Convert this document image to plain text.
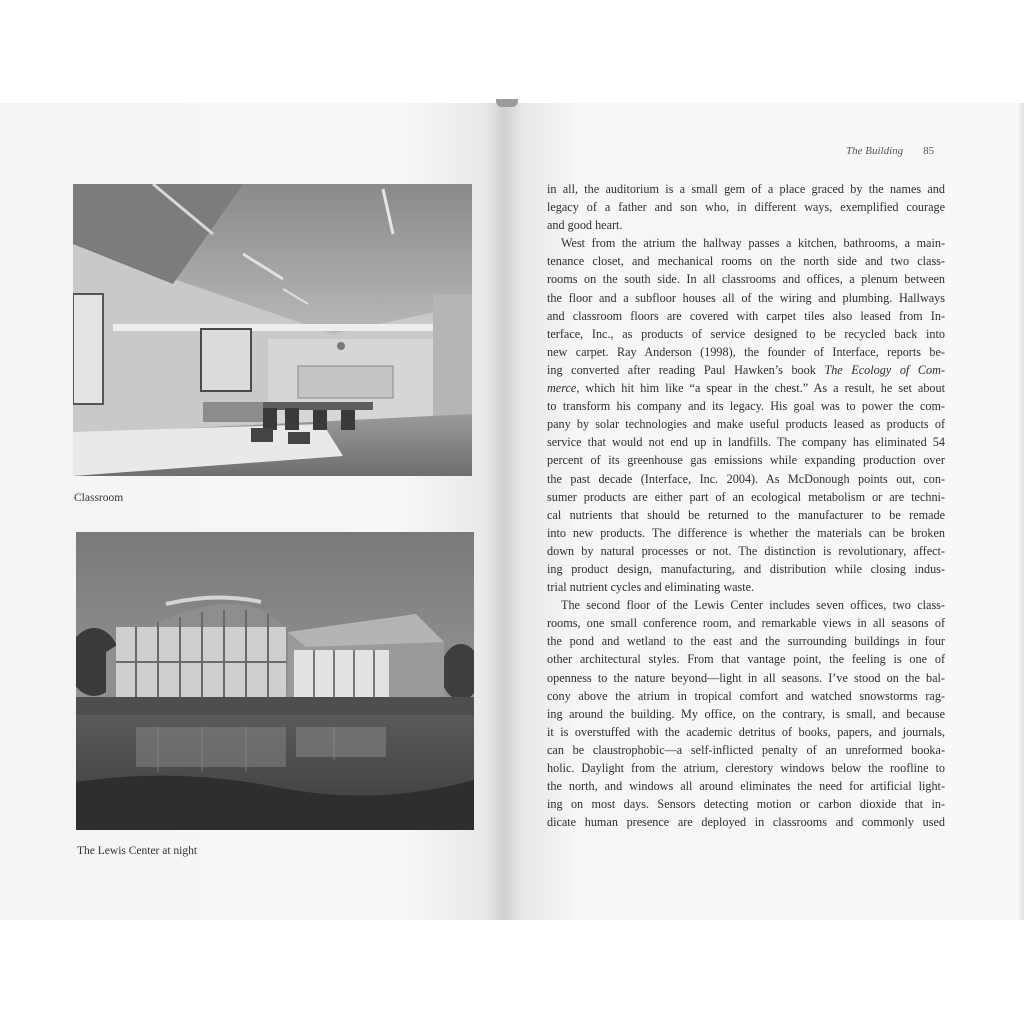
Classroom
The Lewis Center at night
The Building 85
in all, the auditorium is a small gem of a place graced by the names and
legacy of a father and son who, in different ways, exemplified courage
and good heart.
West from the atrium the hallway passes a kitchen, bathrooms, a main-
tenance closet, and mechanical rooms on the north side and two class-
rooms on the south side. In all classrooms and offices, a plenum between
the floor and a subfloor houses all of the wiring and plumbing. Hallways
and classroom floors are covered with carpet tiles also leased from In-
terface, Inc., as products of service designed to be recycled back into
new carpet. Ray Anderson (1998), the founder of Interface, reports be-
ing converted after reading Paul Hawken’s book The Ecology of Com-
merce, which hit him like “a spear in the chest.” As a result, he set about
to transform his company and its legacy. His goal was to power the com-
pany by solar technologies and make useful products leased as products of
service that would not end up in landfills. The company has eliminated 54
percent of its greenhouse gas emissions while expanding production over
the past decade (Interface, Inc. 2004). As McDonough points out, con-
sumer products are either part of an ecological metabolism or are techni-
cal nutrients that should be returned to the manufacturer to be remade
into new products. The difference is whether the materials can be broken
down by natural processes or not. The distinction is revolutionary, affect-
ing product design, manufacturing, and distribution while closing indus-
trial nutrient cycles and eliminating waste.
The second floor of the Lewis Center includes seven offices, two class-
rooms, one small conference room, and remarkable views in all seasons of
the pond and wetland to the east and the surrounding buildings in four
other architectural styles. From that vantage point, the feeling is one of
openness to the nature beyond—light in all seasons. I’ve stood on the bal-
cony above the atrium in tropical comfort and watched snowstorms rag-
ing around the building. My office, on the contrary, is small, and because
it is overstuffed with the academic detritus of books, papers, and journals,
can be claustrophobic—a self-inflicted penalty of an unreformed booka-
holic. Daylight from the atrium, clerestory windows below the roofline to
the north, and windows all around eliminates the need for artificial light-
ing on most days. Sensors detecting motion or carbon dioxide that in-
dicate human presence are deployed in classrooms and commonly used
